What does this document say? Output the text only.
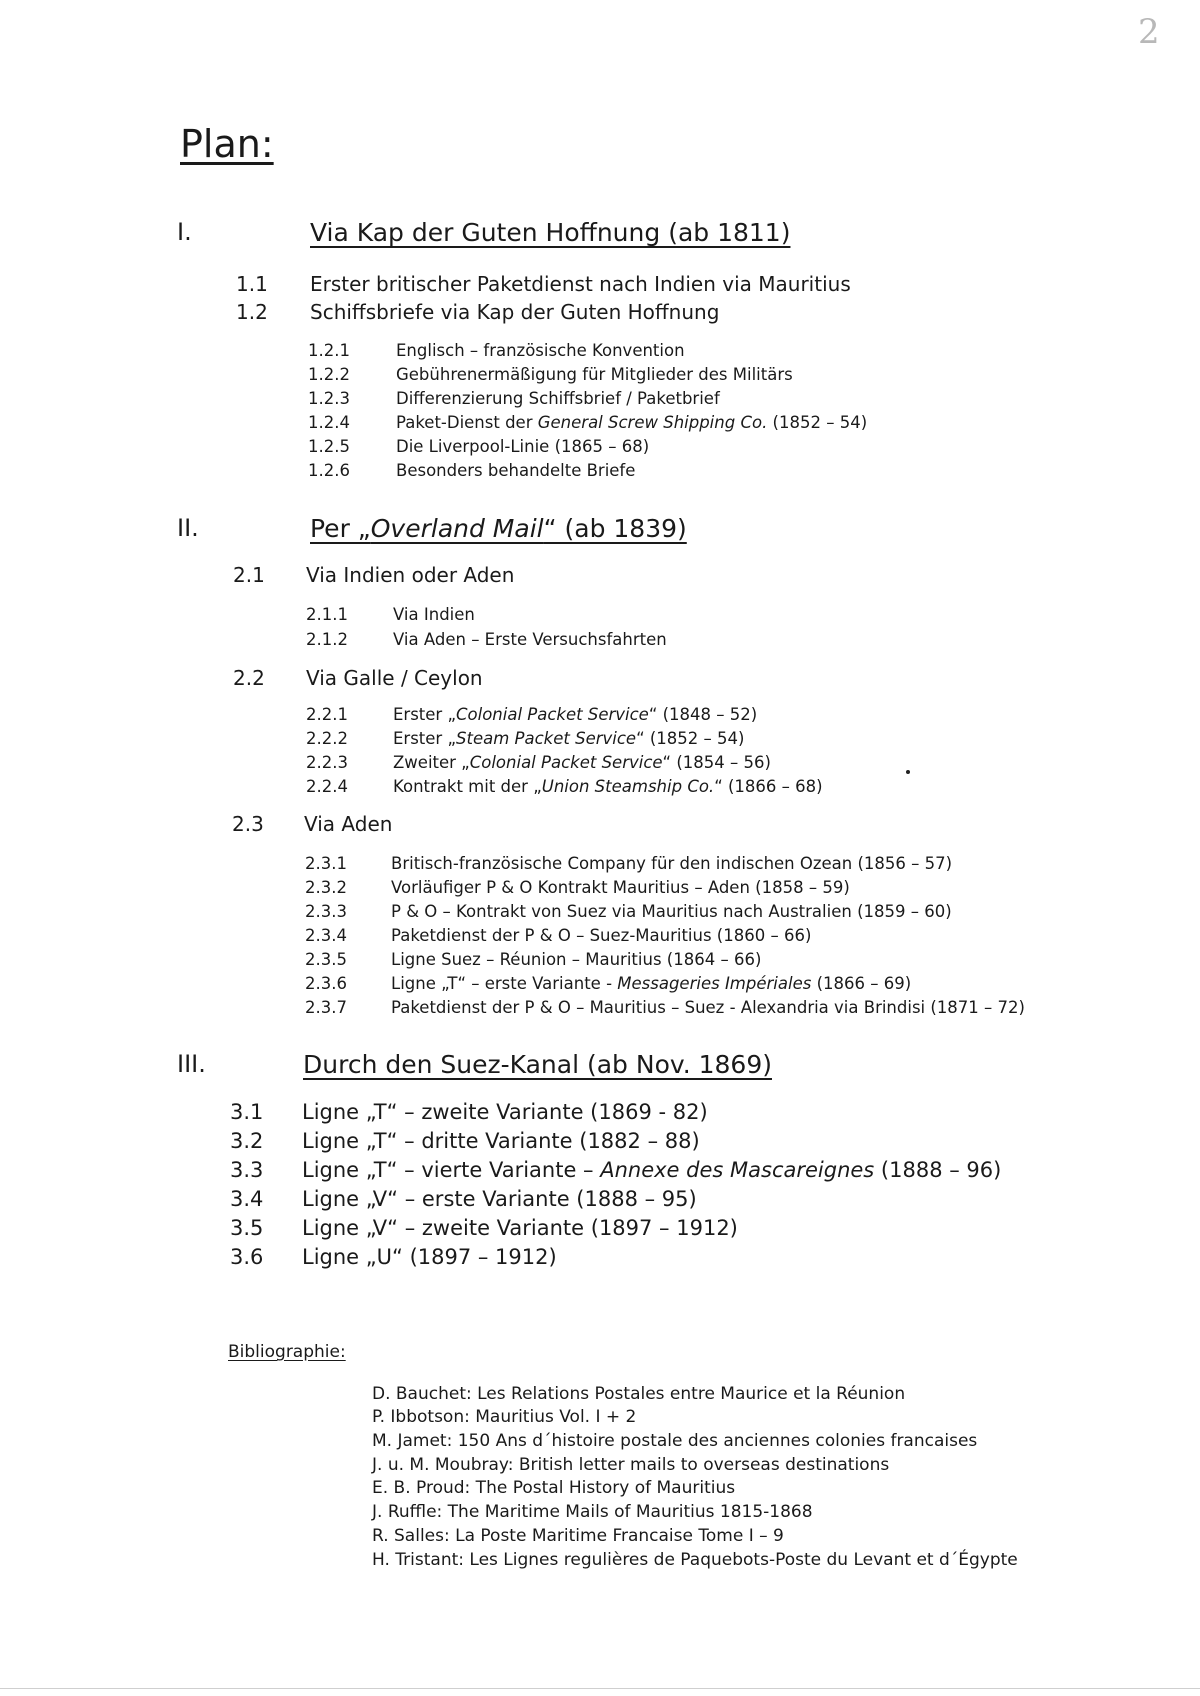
2
Plan:
I.	Via Kap der Guten Hoffnung (ab 1811)
1.1 Erster britischer Paketdienst nach Indien via Mauritius
1.2 Schiffsbriefe via Kap der Guten Hoffnung
1.2.1	Englisch – französische Konvention
1.2.2	Gebührenermäßigung für Mitglieder des Militärs
1.2.3	Differenzierung Schiffsbrief / Paketbrief
1.2.4	Paket-Dienst der General Screw Shipping Co. (1852 – 54)
1.2.5	Die Liverpool-Linie (1865 – 68)
1.2.6	Besonders behandelte Briefe
II.	Per „Overland Mail“ (ab 1839)
2.1 Via Indien oder Aden
2.1.1	Via Indien
2.1.2	Via Aden – Erste Versuchsfahrten
2.2 Via Galle / Ceylon
2.2.1	Erster „Colonial Packet Service“ (1848 – 52)
2.2.2	Erster „Steam Packet Service“ (1852 – 54)
2.2.3	Zweiter „Colonial Packet Service“ (1854 – 56)
2.2.4	Kontrakt mit der „Union Steamship Co.“ (1866 – 68)
2.3 Via Aden
2.3.1	Britisch-französische Company für den indischen Ozean (1856 – 57)
2.3.2	Vorläufiger P & O Kontrakt Mauritius – Aden (1858 – 59)
2.3.3	P & O – Kontrakt von Suez via Mauritius nach Australien (1859 – 60)
2.3.4	Paketdienst der P & O – Suez-Mauritius (1860 – 66)
2.3.5	Ligne Suez – Réunion – Mauritius (1864 – 66)
2.3.6	Ligne „T“ – erste Variante - Messageries Impériales (1866 – 69)
2.3.7	Paketdienst der P & O – Mauritius – Suez - Alexandria via Brindisi (1871 – 72)
III.	Durch den Suez-Kanal (ab Nov. 1869)
3.1 Ligne „T“ – zweite Variante (1869 - 82)
3.2 Ligne „T“ – dritte Variante (1882 – 88)
3.3 Ligne „T“ – vierte Variante – Annexe des Mascareignes (1888 – 96)
3.4 Ligne „V“ – erste Variante (1888 – 95)
3.5 Ligne „V“ – zweite Variante (1897 – 1912)
3.6 Ligne „U“ (1897 – 1912)
Bibliographie:
D. Bauchet: Les Relations Postales entre Maurice et la Réunion
P. Ibbotson: Mauritius Vol. I + 2
M. Jamet: 150 Ans d´histoire postale des anciennes colonies francaises
J. u. M. Moubray: British letter mails to overseas destinations
E. B. Proud: The Postal History of Mauritius
J. Ruffle: The Maritime Mails of Mauritius 1815-1868
R. Salles: La Poste Maritime Francaise Tome I – 9
H. Tristant: Les Lignes regulières de Paquebots-Poste du Levant et d´Égypte
